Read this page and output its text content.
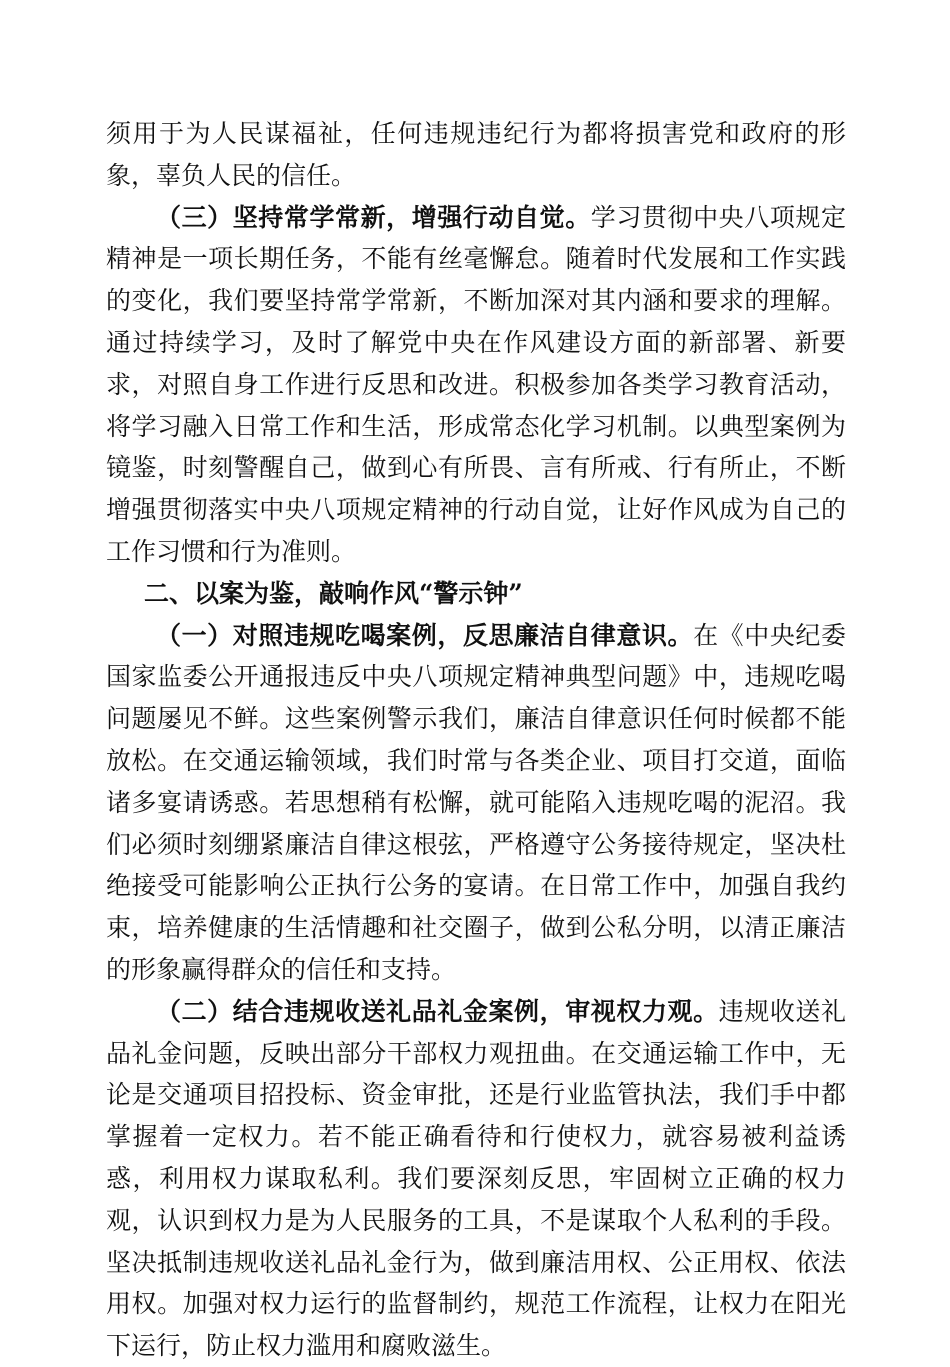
须用于为人民谋福祉，任何违规违纪行为都将损害党和政府的形象，辜负人民的信任。

（三）坚持常学常新，增强行动自觉。学习贯彻中央八项规定精神是一项长期任务，不能有丝毫懈怠。随着时代发展和工作实践的变化，我们要坚持常学常新，不断加深对其内涵和要求的理解。通过持续学习，及时了解党中央在作风建设方面的新部署、新要求，对照自身工作进行反思和改进。积极参加各类学习教育活动，将学习融入日常工作和生活，形成常态化学习机制。以典型案例为镜鉴，时刻警醒自己，做到心有所畏、言有所戒、行有所止，不断增强贯彻落实中央八项规定精神的行动自觉，让好作风成为自己的工作习惯和行为准则。

二、以案为鉴，敲响作风“警示钟”

（一）对照违规吃喝案例，反思廉洁自律意识。在《中央纪委国家监委公开通报违反中央八项规定精神典型问题》中，违规吃喝问题屡见不鲜。这些案例警示我们，廉洁自律意识任何时候都不能放松。在交通运输领域，我们时常与各类企业、项目打交道，面临诸多宴请诱惑。若思想稍有松懈，就可能陷入违规吃喝的泥沼。我们必须时刻绷紧廉洁自律这根弦，严格遵守公务接待规定，坚决杜绝接受可能影响公正执行公务的宴请。在日常工作中，加强自我约束，培养健康的生活情趣和社交圈子，做到公私分明，以清正廉洁的形象赢得群众的信任和支持。

（二）结合违规收送礼品礼金案例，审视权力观。违规收送礼品礼金问题，反映出部分干部权力观扭曲。在交通运输工作中，无论是交通项目招投标、资金审批，还是行业监管执法，我们手中都掌握着一定权力。若不能正确看待和行使权力，就容易被利益诱惑，利用权力谋取私利。我们要深刻反思，牢固树立正确的权力观，认识到权力是为人民服务的工具，不是谋取个人私利的手段。坚决抵制违规收送礼品礼金行为，做到廉洁用权、公正用权、依法用权。加强对权力运行的监督制约，规范工作流程，让权力在阳光下运行，防止权力滥用和腐败滋生。
